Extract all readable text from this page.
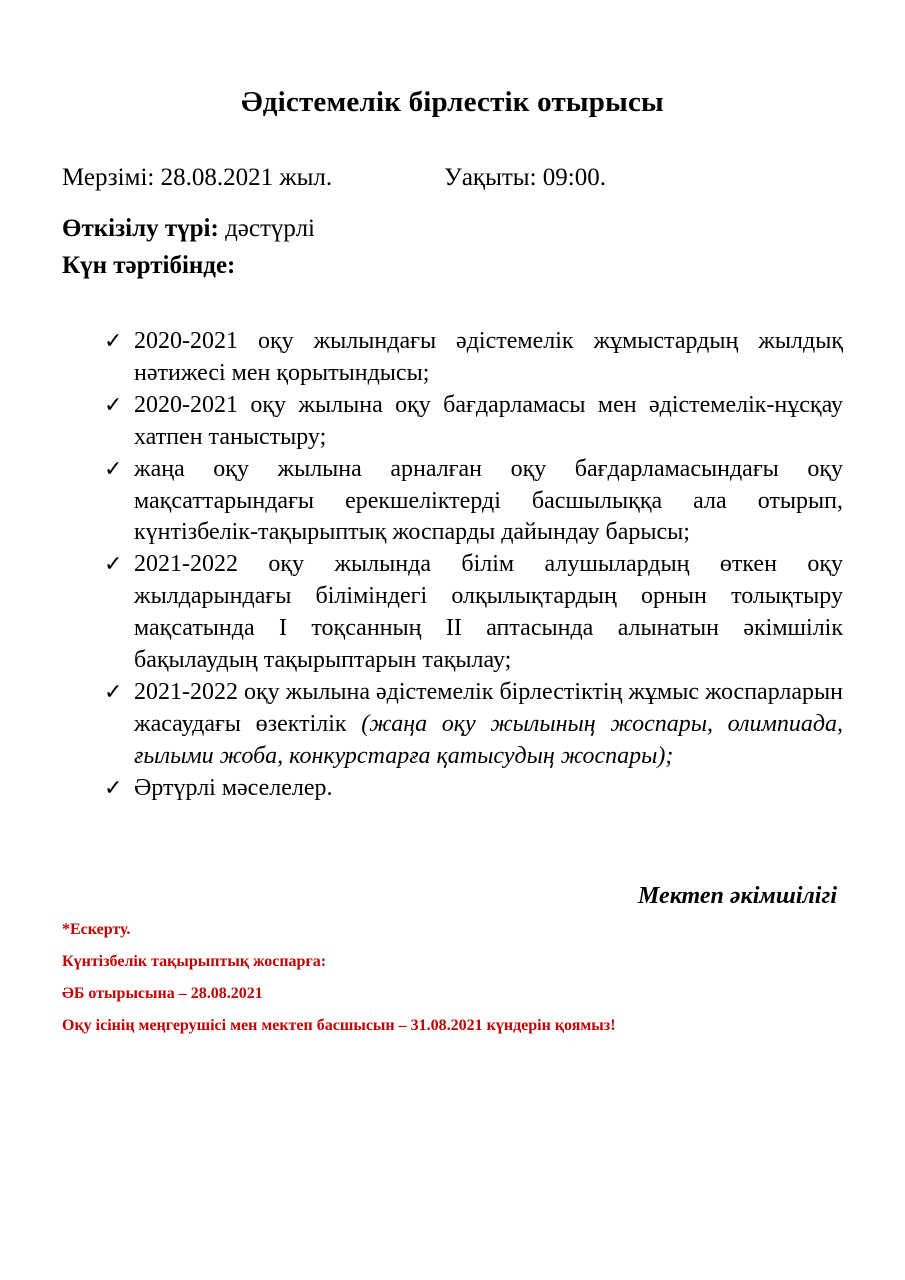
Әдістемелік бірлестік отырысы
Мерзімі: 28.08.2021 жыл.	Уақыты: 09:00.

Өткізілу түрі: дәстүрлі

Күн тәртібінде:

✓ 2020-2021 оқу жылындағы әдістемелік жұмыстардың жылдық нәтижесі мен қорытындысы;
✓ 2020-2021 оқу жылына оқу бағдарламасы мен әдістемелік-нұсқау хатпен таныстыру;
✓ жаңа оқу жылына арналған оқу бағдарламасындағы оқу мақсаттарындағы ерекшеліктерді басшылыққа ала отырып, күнтізбелік-тақырыптық жоспарды дайындау барысы;
✓ 2021-2022 оқу жылында білім алушылардың өткен оқу жылдарындағы біліміндегі олқылықтардың орнын толықтыру мақсатында І тоқсанның ІІ аптасында алынатын әкімшілік бақылаудың тақырыптарын тақылау;
✓ 2021-2022 оқу жылына әдістемелік бірлестіктің жұмыс жоспарларын жасаудағы өзектілік (жаңа оқу жылының жоспары, олимпиада, ғылыми жоба, конкурстарға қатысудың жоспары);
✓ Әртүрлі мәселелер.

Мектеп әкімшілігі

*Ескерту.

Күнтізбелік тақырыптық жоспарға:

ӘБ отырысына – 28.08.2021

Оқу ісінің меңгерушісі мен мектеп басшысын – 31.08.2021 күндерін қоямыз!
